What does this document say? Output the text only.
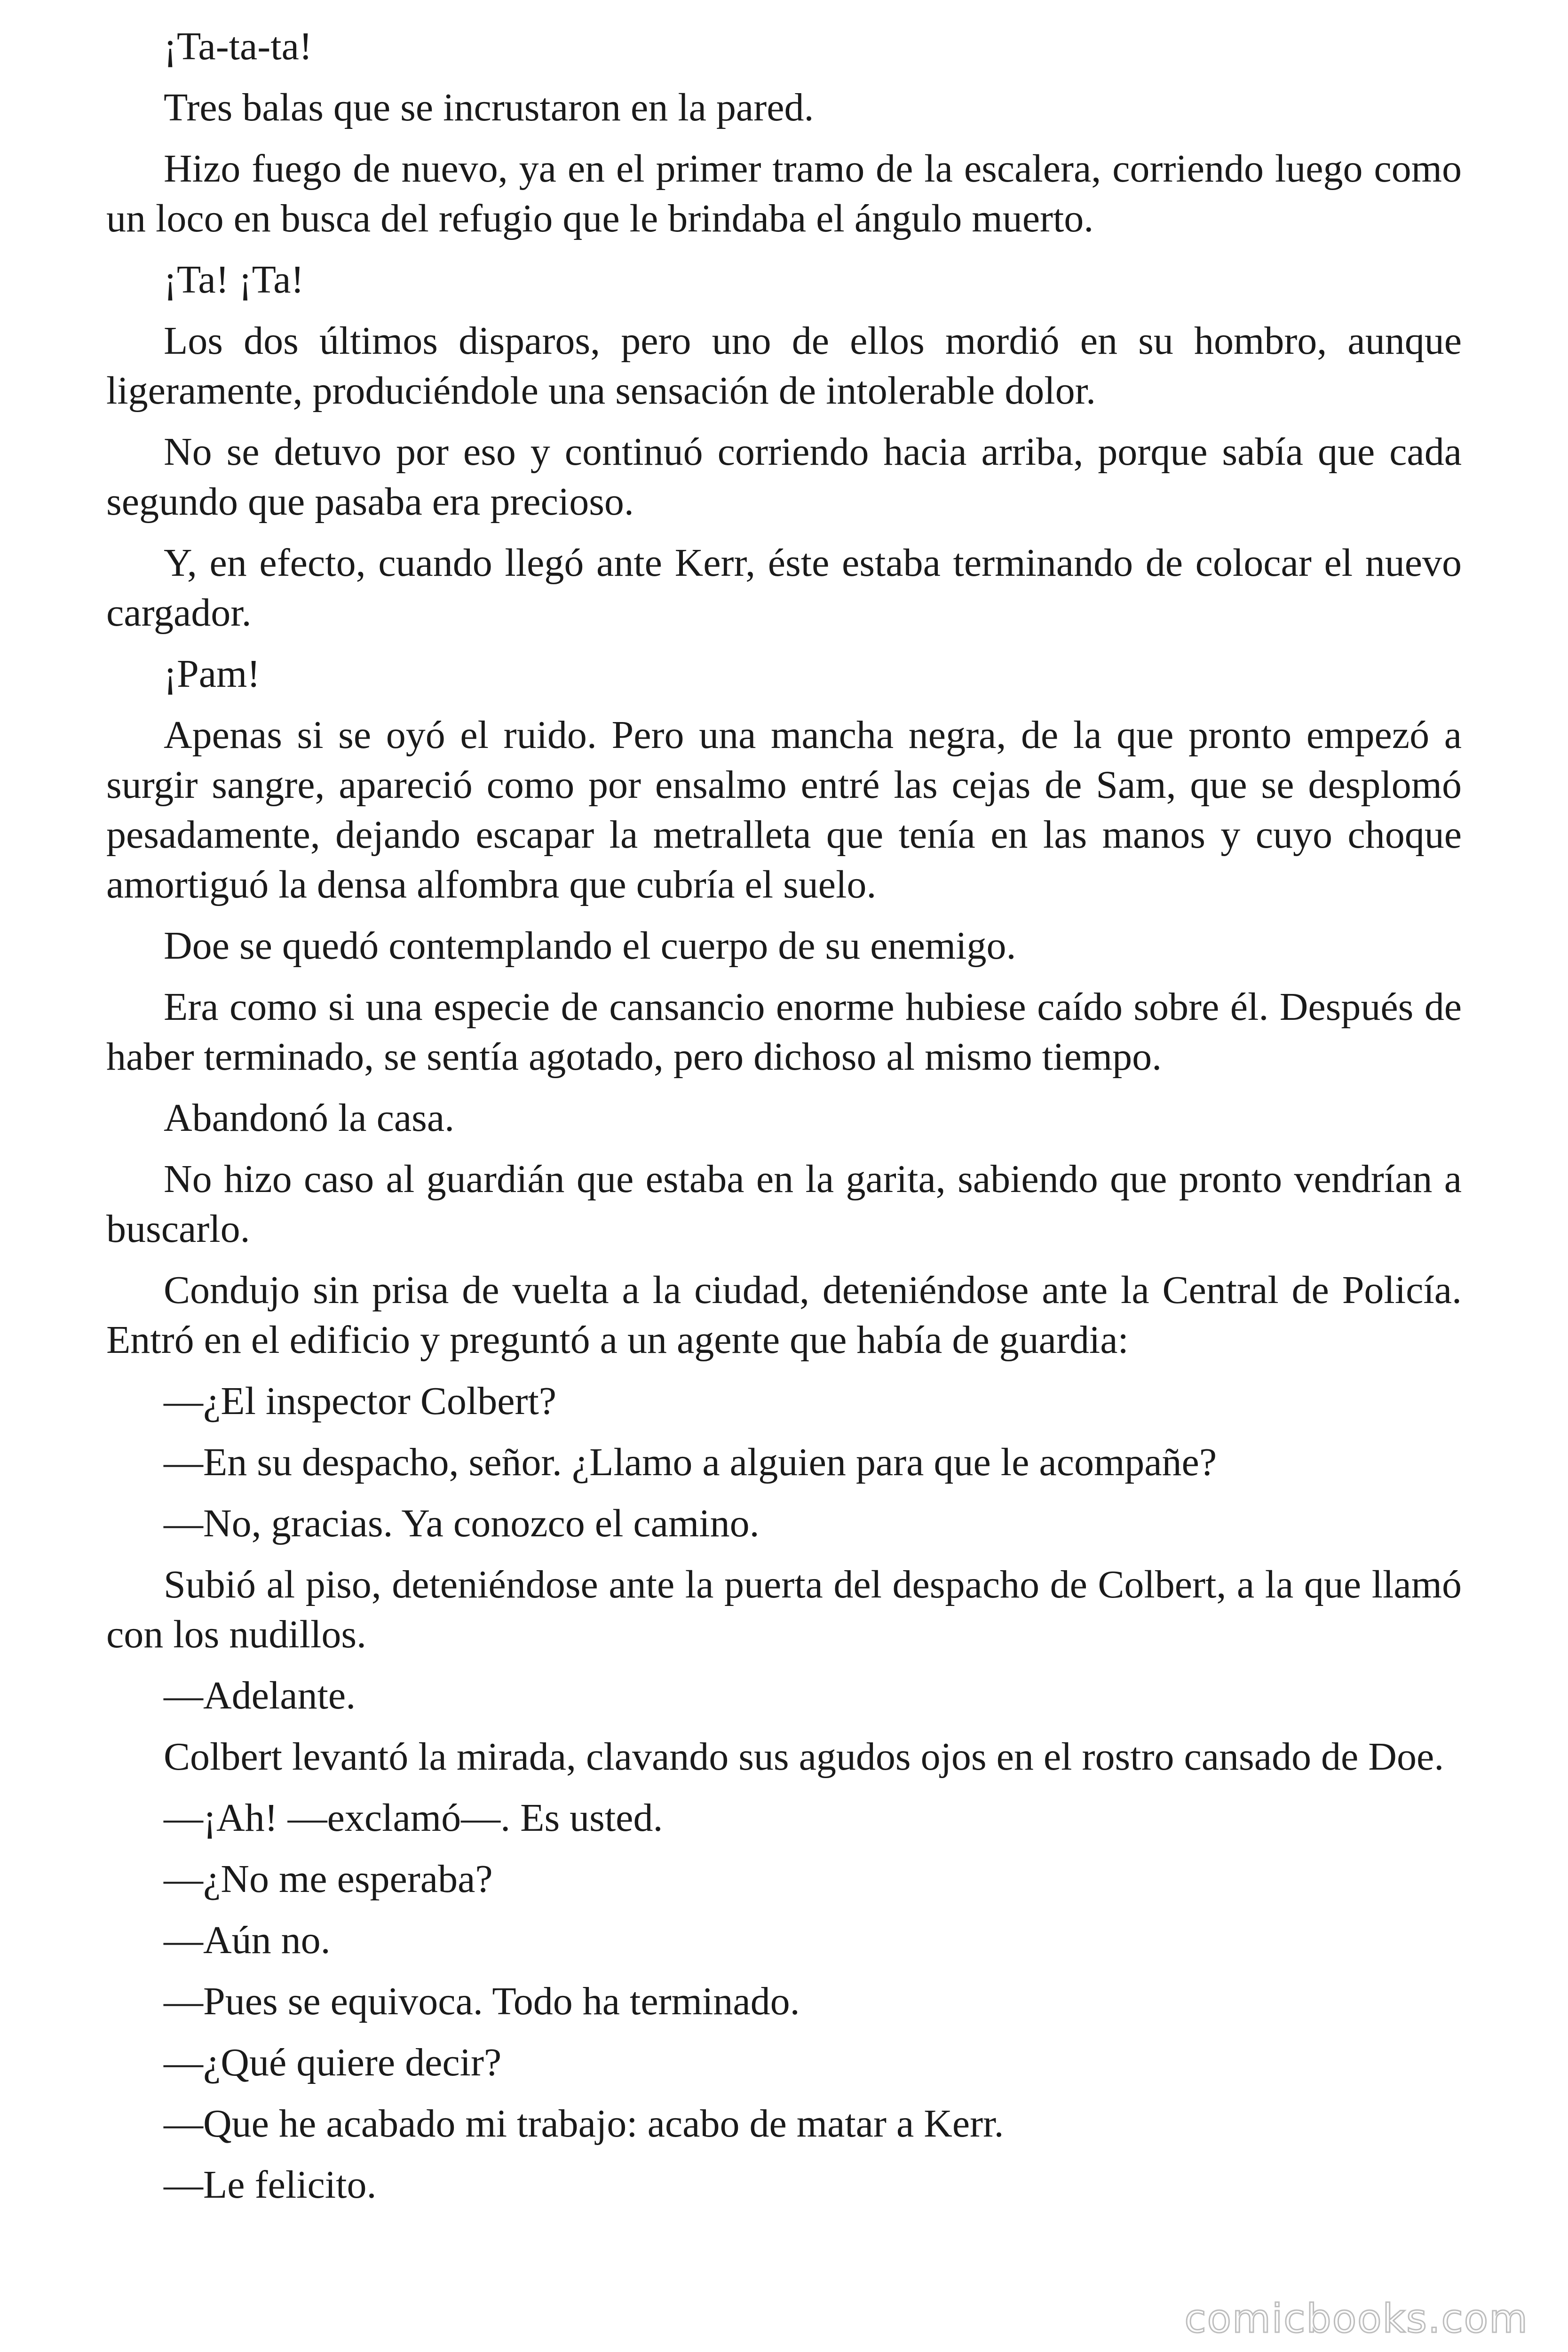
¡Ta-ta-ta!

Tres balas que se incrustaron en la pared.

Hizo fuego de nuevo, ya en el primer tramo de la escalera, corriendo luego como un loco en busca del refugio que le brindaba el ángulo muerto.

¡Ta! ¡Ta!

Los dos últimos disparos, pero uno de ellos mordió en su hombro, aunque ligeramente, produciéndole una sensación de intolerable dolor.

No se detuvo por eso y continuó corriendo hacia arriba, porque sabía que cada segundo que pasaba era precioso.

Y, en efecto, cuando llegó ante Kerr, éste estaba terminando de colocar el nuevo cargador.

¡Pam!

Apenas si se oyó el ruido. Pero una mancha negra, de la que pronto empezó a surgir sangre, apareció como por ensalmo entré las cejas de Sam, que se desplomó pesadamente, dejando escapar la metralleta que tenía en las manos y cuyo choque amortiguó la densa alfombra que cubría el suelo.

Doe se quedó contemplando el cuerpo de su enemigo.

Era como si una especie de cansancio enorme hubiese caído sobre él. Después de haber terminado, se sentía agotado, pero dichoso al mismo tiempo.

Abandonó la casa.

No hizo caso al guardián que estaba en la garita, sabiendo que pronto vendrían a buscarlo.

Condujo sin prisa de vuelta a la ciudad, deteniéndose ante la Central de Policía. Entró en el edificio y preguntó a un agente que había de guardia:

—¿El inspector Colbert?

—En su despacho, señor. ¿Llamo a alguien para que le acompañe?

—No, gracias. Ya conozco el camino.

Subió al piso, deteniéndose ante la puerta del despacho de Colbert, a la que llamó con los nudillos.

—Adelante.

Colbert levantó la mirada, clavando sus agudos ojos en el rostro cansado de Doe.

—¡Ah! —exclamó—. Es usted.

—¿No me esperaba?

—Aún no.

—Pues se equivoca. Todo ha terminado.

—¿Qué quiere decir?

—Que he acabado mi trabajo: acabo de matar a Kerr.

—Le felicito.

comicbooks.com
